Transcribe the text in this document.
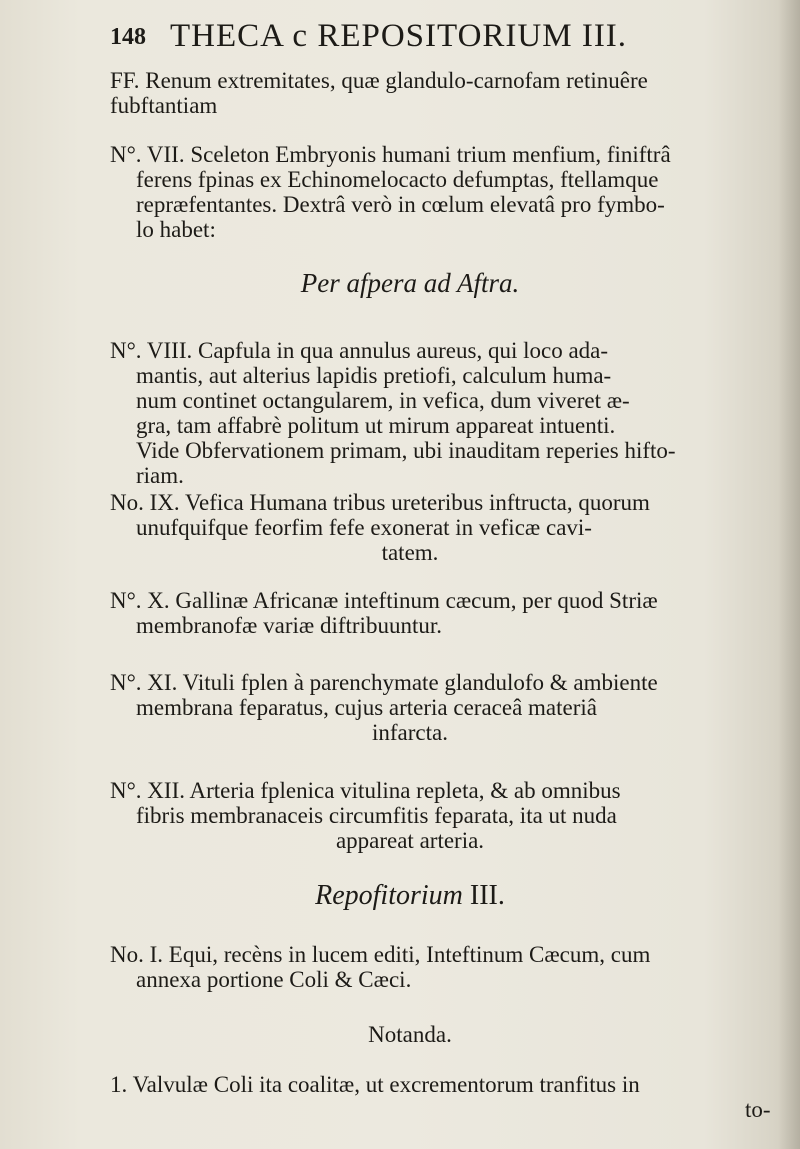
148 THECA c REPOSITORIUM III.
FF. Renum extremitates, quæ glandulo-carnofam retinuêre
fubftantiam
N°. VII. Sceleton Embryonis humani trium menfium, finiftrâ
ferens fpinas ex Echinomelocacto defumptas, ftellamque
repræfentantes. Dextrâ verò in cœlum elevatâ pro fymbo-
lo habet:
Per afpera ad Aftra.
N°. VIII. Capfula in qua annulus aureus, qui loco ada-
mantis, aut alterius lapidis pretiofi, calculum huma-
num continet octangularem, in vefica, dum viveret æ-
gra, tam affabrè politum ut mirum appareat intuenti.
Vide Obfervationem primam, ubi inauditam reperies hifto-
riam.
No. IX. Vefica Humana tribus ureteribus inftructa, quorum
unufquifque feorfim fefe exonerat in veficæ cavi-
tatem.
N°. X. Gallinæ Africanæ inteftinum cæcum, per quod Striæ
membranofæ variæ diftribuuntur.
N°. XI. Vituli fplen à parenchymate glandulofo & ambiente
membrana feparatus, cujus arteria ceraceâ materiâ
infarcta.
N°. XII. Arteria fplenica vitulina repleta, & ab omnibus
fibris membranaceis circumfitis feparata, ita ut nuda
appareat arteria.
Repofitorium III.
No. I. Equi, recèns in lucem editi, Inteftinum Cæcum, cum
annexa portione Coli & Cæci.
Notanda.
1. Valvulæ Coli ita coalitæ, ut excrementorum tranfitus in
to-
